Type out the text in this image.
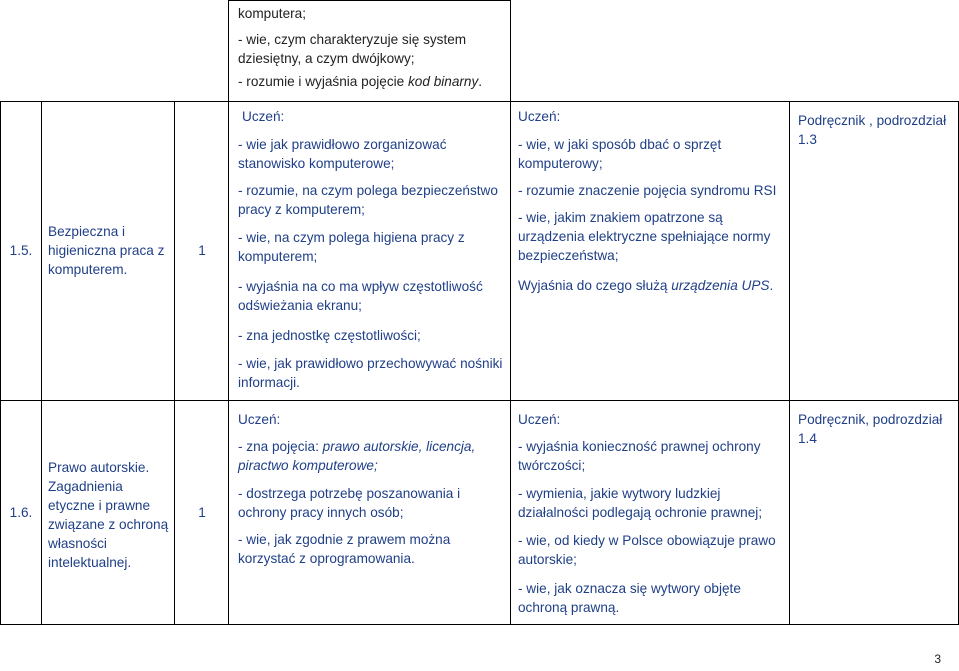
komputera;

- wie, czym charakteryzuje się system dziesiętny, a czym dwójkowy;

- rozumie i wyjaśnia pojęcie kod binarny.

1.5.
Bezpieczna i higieniczna praca z komputerem.
1

Uczeń:

- wie jak prawidłowo zorganizować stanowisko komputerowe;

- rozumie, na czym polega bezpieczeństwo pracy z komputerem;

- wie, na czym polega higiena pracy z komputerem;

- wyjaśnia na co ma wpływ częstotliwość odświeżania ekranu;

- zna jednostkę częstotliwości;

- wie, jak prawidłowo przechowywać nośniki informacji.

Uczeń:

- wie, w jaki sposób dbać o sprzęt komputerowy;

- rozumie znaczenie pojęcia syndromu RSI

- wie, jakim znakiem opatrzone są urządzenia elektryczne spełniające normy bezpieczeństwa;

Wyjaśnia do czego służą urządzenia UPS.

Podręcznik , podrozdział 1.3

1.6.
Prawo autorskie. Zagadnienia etyczne i prawne związane z ochroną własności intelektualnej.
1

Uczeń:

- zna pojęcia: prawo autorskie, licencja, piractwo komputerowe;

- dostrzega potrzebę poszanowania i ochrony pracy innych osób;

- wie, jak zgodnie z prawem można korzystać z oprogramowania.

Uczeń:

- wyjaśnia konieczność prawnej ochrony twórczości;

- wymienia, jakie wytwory ludzkiej działalności podlegają ochronie prawnej;

- wie, od kiedy w Polsce obowiązuje prawo autorskie;

- wie, jak oznacza się wytwory objęte ochroną prawną.

Podręcznik, podrozdział 1.4

3
